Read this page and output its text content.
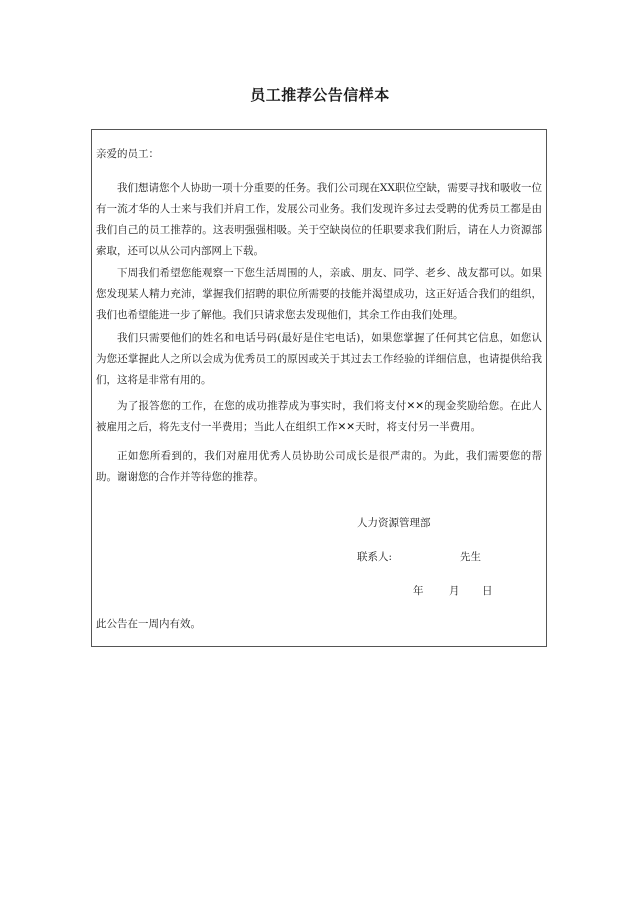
员工推荐公告信样本
亲爱的员工：
我们想请您个人协助一项十分重要的任务。我们公司现在XX职位空缺，需要寻找和吸收一位有一流才华的人士来与我们并肩工作，发展公司业务。我们发现许多过去受聘的优秀员工都是由我们自己的员工推荐的。这表明强强相吸。关于空缺岗位的任职要求我们附后，请在人力资源部索取，还可以从公司内部网上下载。
下周我们希望您能观察一下您生活周围的人，亲戚、朋友、同学、老乡、战友都可以。如果您发现某人精力充沛，掌握我们招聘的职位所需要的技能并渴望成功，这正好适合我们的组织，我们也希望能进一步了解他。我们只请求您去发现他们，其余工作由我们处理。
我们只需要他们的姓名和电话号码(最好是住宅电话)，如果您掌握了任何其它信息，如您认为您还掌握此人之所以会成为优秀员工的原因或关于其过去工作经验的详细信息，也请提供给我们，这将是非常有用的。
为了报答您的工作，在您的成功推荐成为事实时，我们将支付✕✕的现金奖励给您。在此人被雇用之后，将先支付一半费用；当此人在组织工作✕✕天时，将支付另一半费用。
正如您所看到的，我们对雇用优秀人员协助公司成长是很严肃的。为此，我们需要您的帮助。谢谢您的合作并等待您的推荐。
人力资源管理部
联系人:	先生
年 月 日
此公告在一周内有效。
